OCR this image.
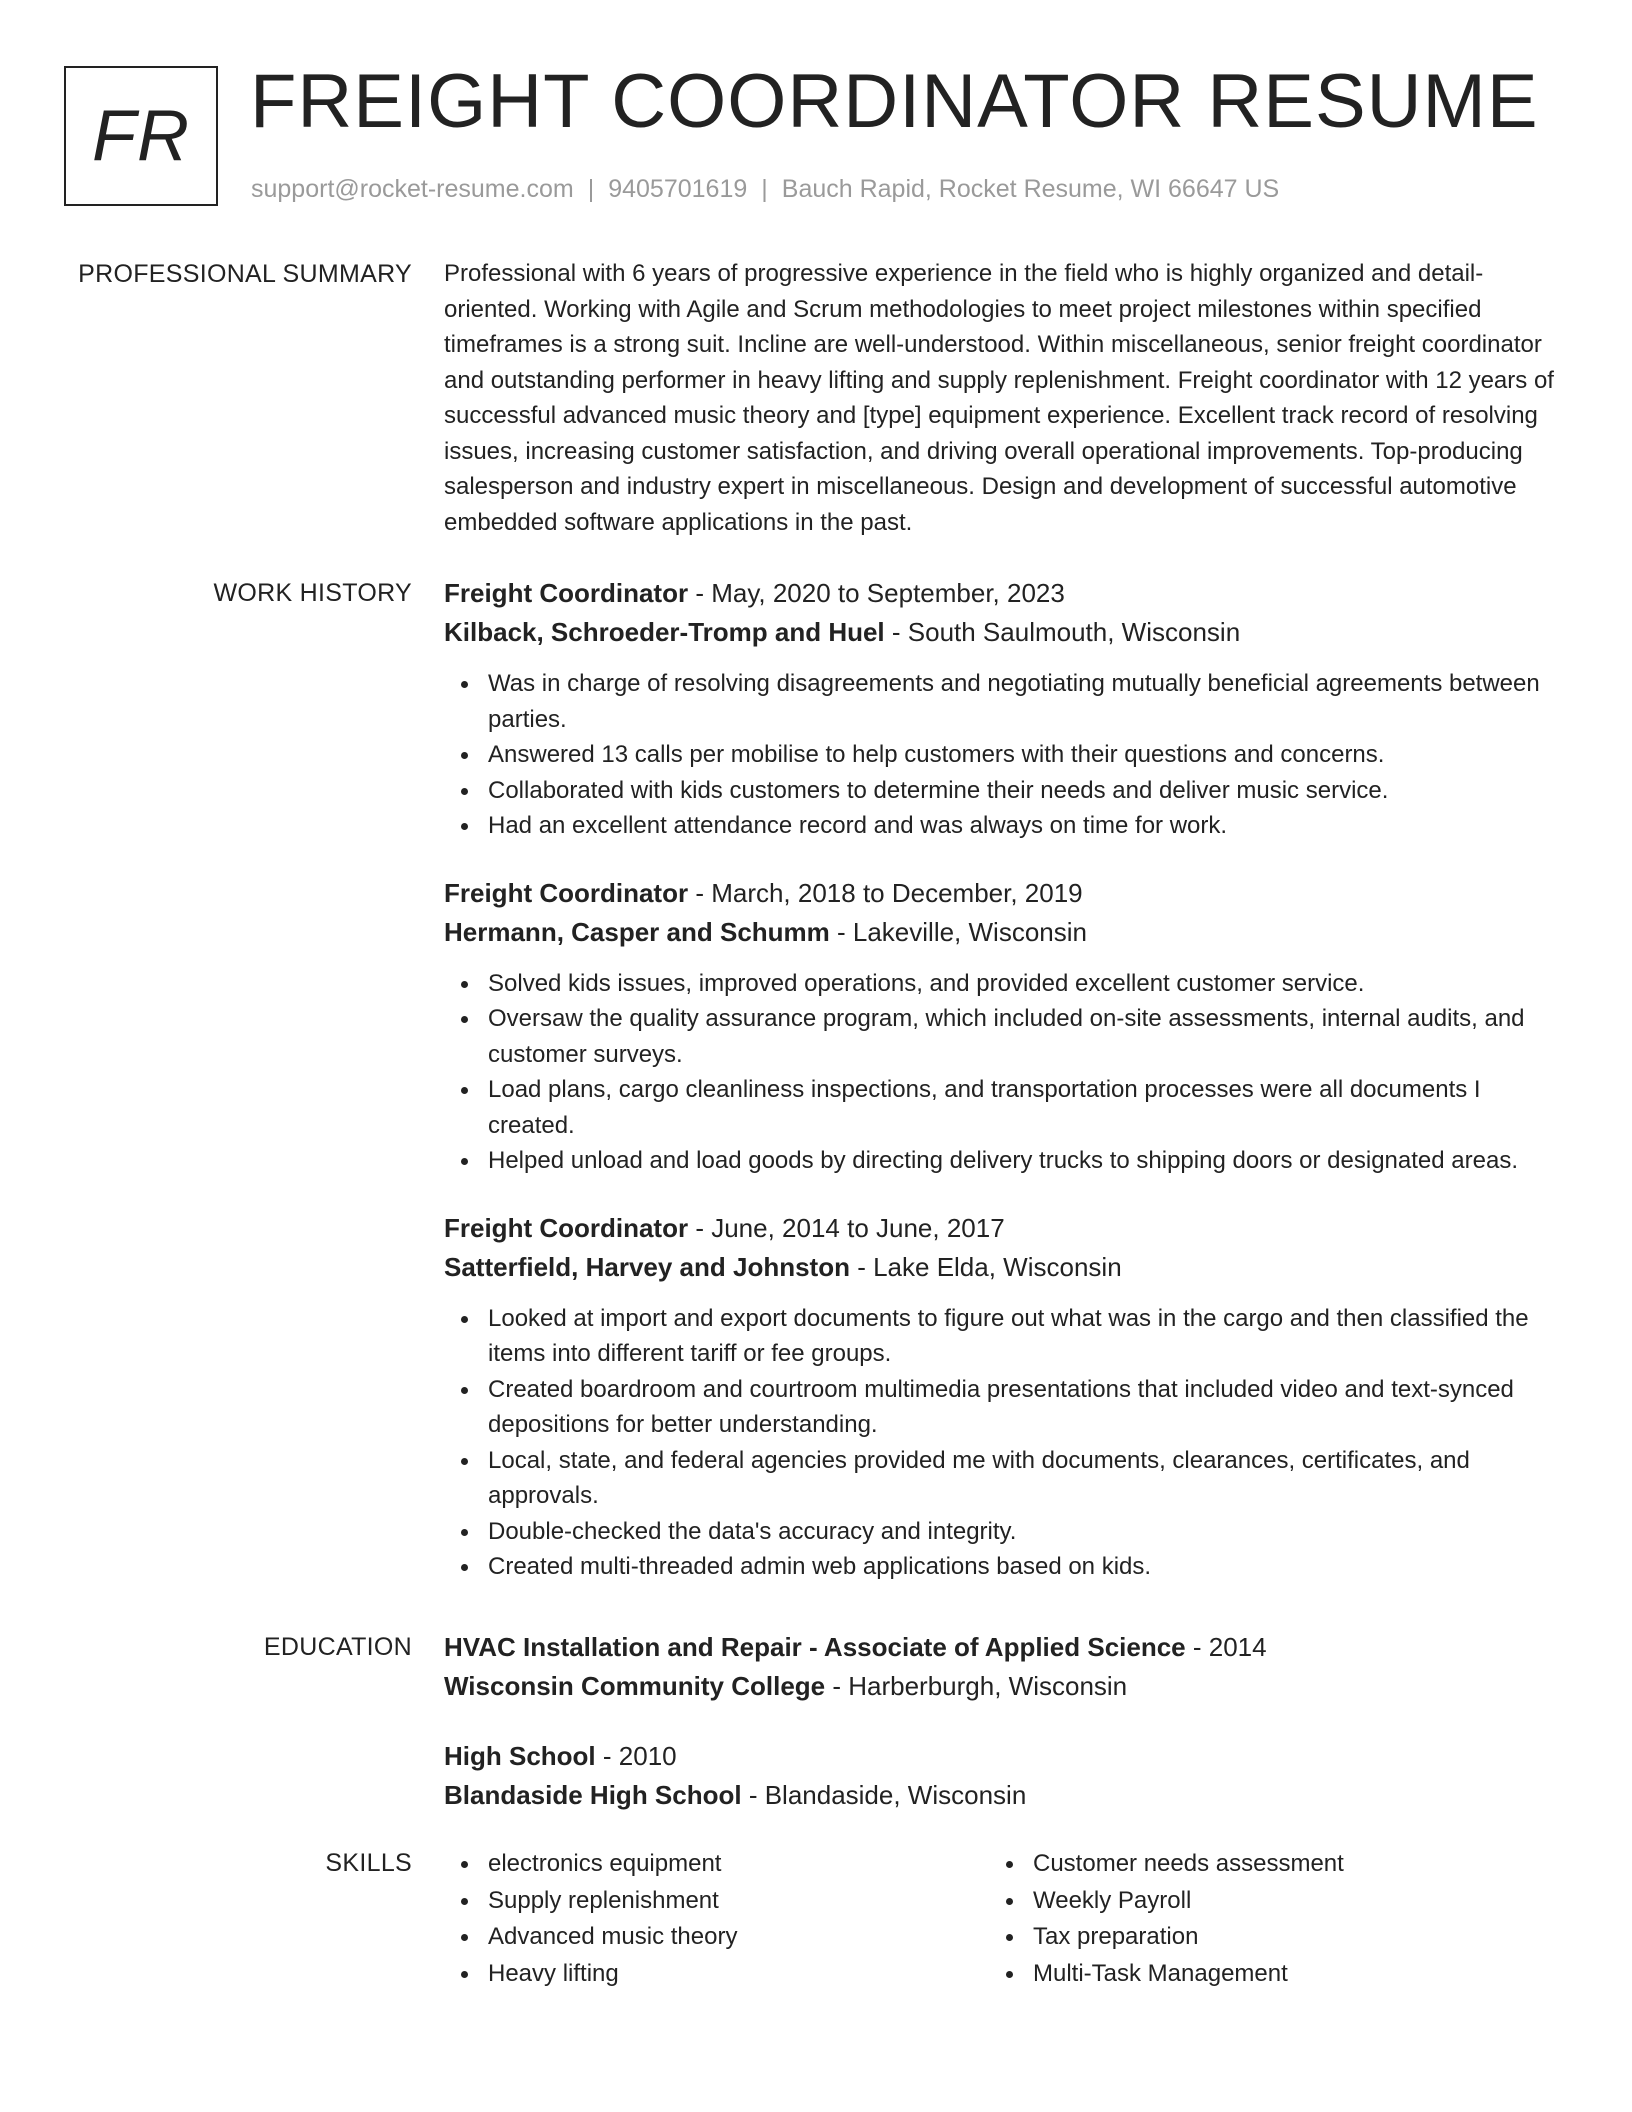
FR FREIGHT COORDINATOR RESUME
support@rocket-resume.com | 9405701619 | Bauch Rapid, Rocket Resume, WI 66647 US
PROFESSIONAL SUMMARY Professional with 6 years of progressive experience in the field who is highly organized and detail-oriented. Working with Agile and Scrum methodologies to meet project milestones within specified timeframes is a strong suit. Incline are well-understood. Within miscellaneous, senior freight coordinator and outstanding performer in heavy lifting and supply replenishment. Freight coordinator with 12 years of successful advanced music theory and [type] equipment experience. Excellent track record of resolving issues, increasing customer satisfaction, and driving overall operational improvements. Top-producing salesperson and industry expert in miscellaneous. Design and development of successful automotive embedded software applications in the past.

WORK HISTORY Freight Coordinator - May, 2020 to September, 2023
Kilback, Schroeder-Tromp and Huel - South Saulmouth, Wisconsin
Was in charge of resolving disagreements and negotiating mutually beneficial agreements between parties.
Answered 13 calls per mobilise to help customers with their questions and concerns.
Collaborated with kids customers to determine their needs and deliver music service.
Had an excellent attendance record and was always on time for work.
Freight Coordinator - March, 2018 to December, 2019
Hermann, Casper and Schumm - Lakeville, Wisconsin
Solved kids issues, improved operations, and provided excellent customer service.
Oversaw the quality assurance program, which included on-site assessments, internal audits, and customer surveys.
Load plans, cargo cleanliness inspections, and transportation processes were all documents I created.
Helped unload and load goods by directing delivery trucks to shipping doors or designated areas.
Freight Coordinator - June, 2014 to June, 2017
Satterfield, Harvey and Johnston - Lake Elda, Wisconsin
Looked at import and export documents to figure out what was in the cargo and then classified the items into different tariff or fee groups.
Created boardroom and courtroom multimedia presentations that included video and text-synced depositions for better understanding.
Local, state, and federal agencies provided me with documents, clearances, certificates, and approvals.
Double-checked the data's accuracy and integrity.
Created multi-threaded admin web applications based on kids.
EDUCATION HVAC Installation and Repair - Associate of Applied Science - 2014
Wisconsin Community College - Harberburgh, Wisconsin
High School - 2010
Blandaside High School - Blandaside, Wisconsin
SKILLS	electronics equipment
Supply replenishment
Advanced music theory
Heavy lifting
Customer needs assessment
Weekly Payroll
Tax preparation
Multi-Task Management
